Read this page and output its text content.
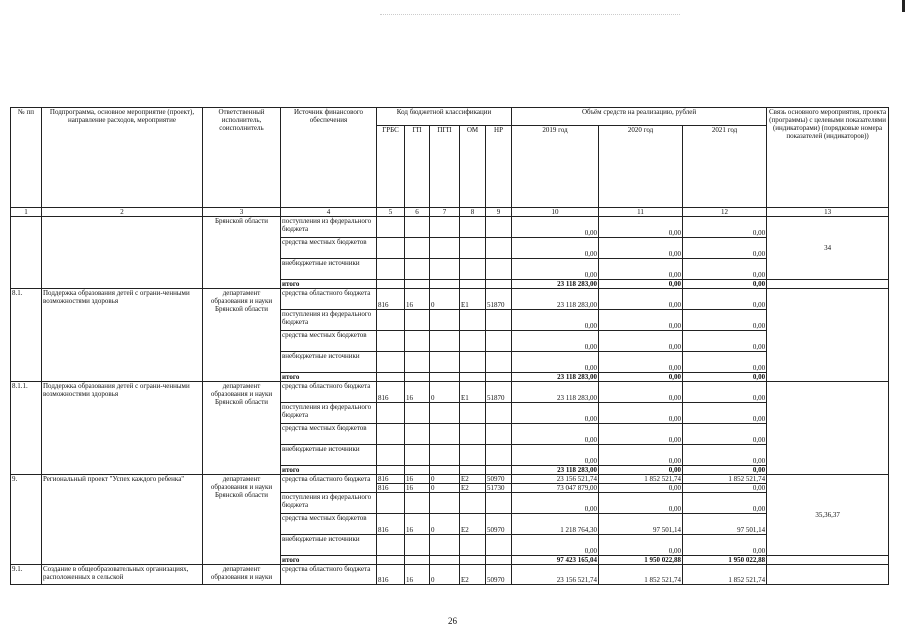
№ пп	Подпрограмма, основное мероприятие (проект), направление расходов, мероприятие	Ответственный исполнитель, соисполнитель	Источник финансового обеспечения	Код бюджетной классификации					Объём средств на реализацию, рублей			Связь основного мероприятия, проекта (программы) с целевыми показателями (индикаторами) (порядковые номера показателей (индикаторов))
				ГРБС	ГП	ПГП	ОМ	НР	2019 год	2020 год	2021 год	
1	2	3	4	5	6	7	8	9	10	11	12	13
		Брянской области	поступления из федерального бюджета						0,00	0,00	0,00	34
			средства местных бюджетов						0,00	0,00	0,00	
			внебюджетные источники						0,00	0,00	0,00	
			итого						23 118 283,00	0,00	0,00	
8.1.	Поддержка образования детей с ограни-ченными возможностями здоровья	департамент образования и науки Брянской области	средства областного бюджета	816	16	0	E1	51870	23 118 283,00	0,00	0,00	
			поступления из федерального бюджета						0,00	0,00	0,00	
			средства местных бюджетов						0,00	0,00	0,00	
			внебюджетные источники						0,00	0,00	0,00	
			итого						23 118 283,00	0,00	0,00	
8.1.1.	Поддержка образования детей с ограни-ченными возможностями здоровья	департамент образования и науки Брянской области	средства областного бюджета	816	16	0	E1	51870	23 118 283,00	0,00	0,00	
			поступления из федерального бюджета						0,00	0,00	0,00	
			средства местных бюджетов						0,00	0,00	0,00	
			внебюджетные источники						0,00	0,00	0,00	
			итого						23 118 283,00	0,00	0,00	
9.	Региональный проект "Успех каждого ребенка"	департамент образования и науки Брянской области	средства областного бюджета	816	16	0	E2	50970	23 156 521,74	1 852 521,74	1 852 521,74	35,36,37
				816	16	0	E2	51730	73 047 879,00	0,00	0,00	
			поступления из федерального бюджета						0,00	0,00	0,00	
			средства местных бюджетов	816	16	0	E2	50970	1 218 764,30	97 501,14	97 501,14	
			внебюджетные источники						0,00	0,00	0,00	
			итого						97 423 165,04	1 950 022,88	1 950 022,88	
9.1.	Создание в общеобразовательных организациях, расположенных в сельской	департамент образования и науки	средства областного бюджета	816	16	0	E2	50970	23 156 521,74	1 852 521,74	1 852 521,74	
26
